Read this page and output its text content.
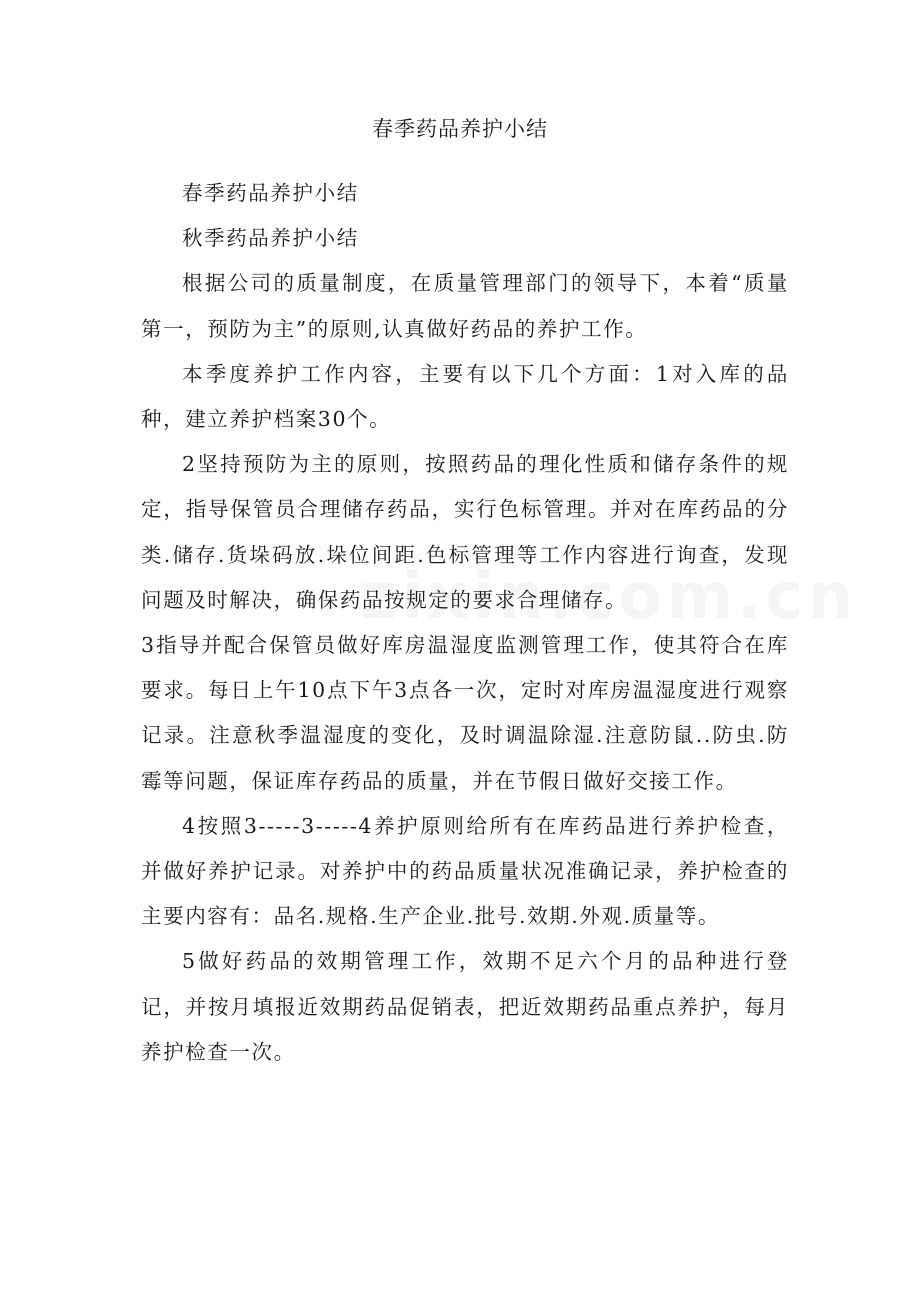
春季药品养护小结

春季药品养护小结

秋季药品养护小结

根据公司的质量制度，在质量管理部门的领导下，本着“质量第一，预防为主”的原则,认真做好药品的养护工作。

本季度养护工作内容，主要有以下几个方面：1对入库的品种，建立养护档案30个。

2坚持预防为主的原则，按照药品的理化性质和储存条件的规定，指导保管员合理储存药品，实行色标管理。并对在库药品的分类.储存.货垛码放.垛位间距.色标管理等工作内容进行询查，发现问题及时解决，确保药品按规定的要求合理储存。

3指导并配合保管员做好库房温湿度监测管理工作，使其符合在库要求。每日上午10点下午3点各一次，定时对库房温湿度进行观察记录。注意秋季温湿度的变化，及时调温除湿.注意防鼠..防虫.防霉等问题，保证库存药品的质量，并在节假日做好交接工作。

4按照3-----3-----4养护原则给所有在库药品进行养护检查，并做好养护记录。对养护中的药品质量状况准确记录，养护检查的主要内容有：品名.规格.生产企业.批号.效期.外观.质量等。

5做好药品的效期管理工作，效期不足六个月的品种进行登记，并按月填报近效期药品促销表，把近效期药品重点养护，每月养护检查一次。
